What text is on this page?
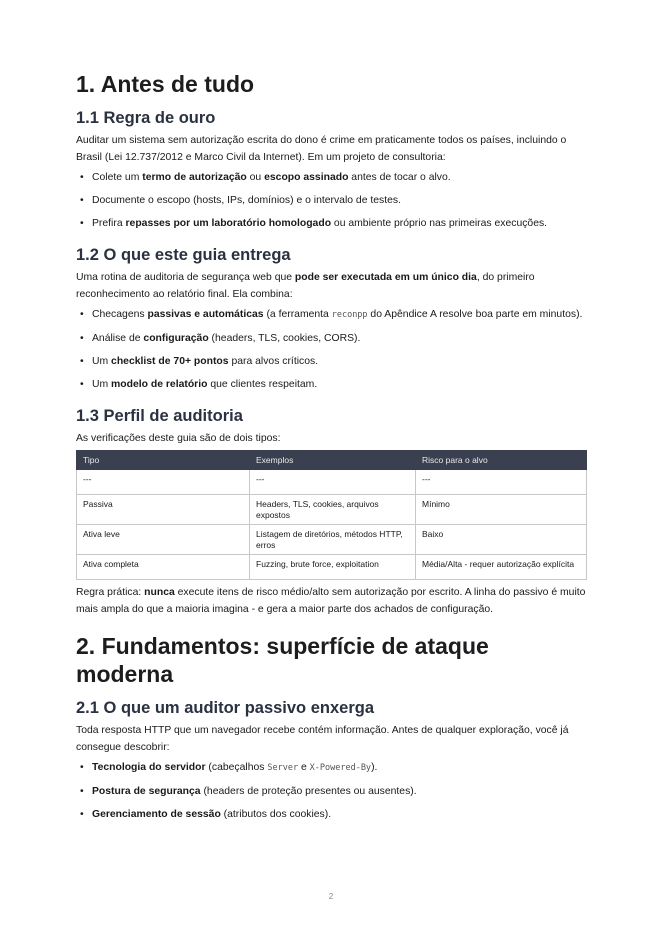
1. Antes de tudo
1.1 Regra de ouro

Auditar um sistema sem autorização escrita do dono é crime em praticamente todos os países, incluindo o Brasil (Lei 12.737/2012 e Marco Civil da Internet). Em um projeto de consultoria:

• Colete um termo de autorização ou escopo assinado antes de tocar o alvo.
• Documente o escopo (hosts, IPs, domínios) e o intervalo de testes.
• Prefira repasses por um laboratório homologado ou ambiente próprio nas primeiras execuções.
1.2 O que este guia entrega

Uma rotina de auditoria de segurança web que pode ser executada em um único dia, do primeiro reconhecimento ao relatório final. Ela combina:

• Checagens passivas e automáticas (a ferramenta reconpp do Apêndice A resolve boa parte em minutos).
• Análise de configuração (headers, TLS, cookies, CORS).
• Um checklist de 70+ pontos para alvos críticos.
• Um modelo de relatório que clientes respeitam.
1.3 Perfil de auditoria

As verificações deste guia são de dois tipos:

Tipo	Exemplos	Risco para o alvo
---	---	---
Passiva	Headers, TLS, cookies, arquivos expostos	Mínimo
Ativa leve	Listagem de diretórios, métodos HTTP, erros	Baixo
Ativa completa	Fuzzing, brute force, exploitation	Média/Alta - requer autorização explícita

Regra prática: nunca execute itens de risco médio/alto sem autorização por escrito. A linha do passivo é muito mais ampla do que a maioria imagina - e gera a maior parte dos achados de configuração.

2. Fundamentos: superfície de ataque moderna
2.1 O que um auditor passivo enxerga

Toda resposta HTTP que um navegador recebe contém informação. Antes de qualquer exploração, você já consegue descobrir:

• Tecnologia do servidor (cabeçalhos Server e X-Powered-By).
• Postura de segurança (headers de proteção presentes ou ausentes).
• Gerenciamento de sessão (atributos dos cookies).
2
